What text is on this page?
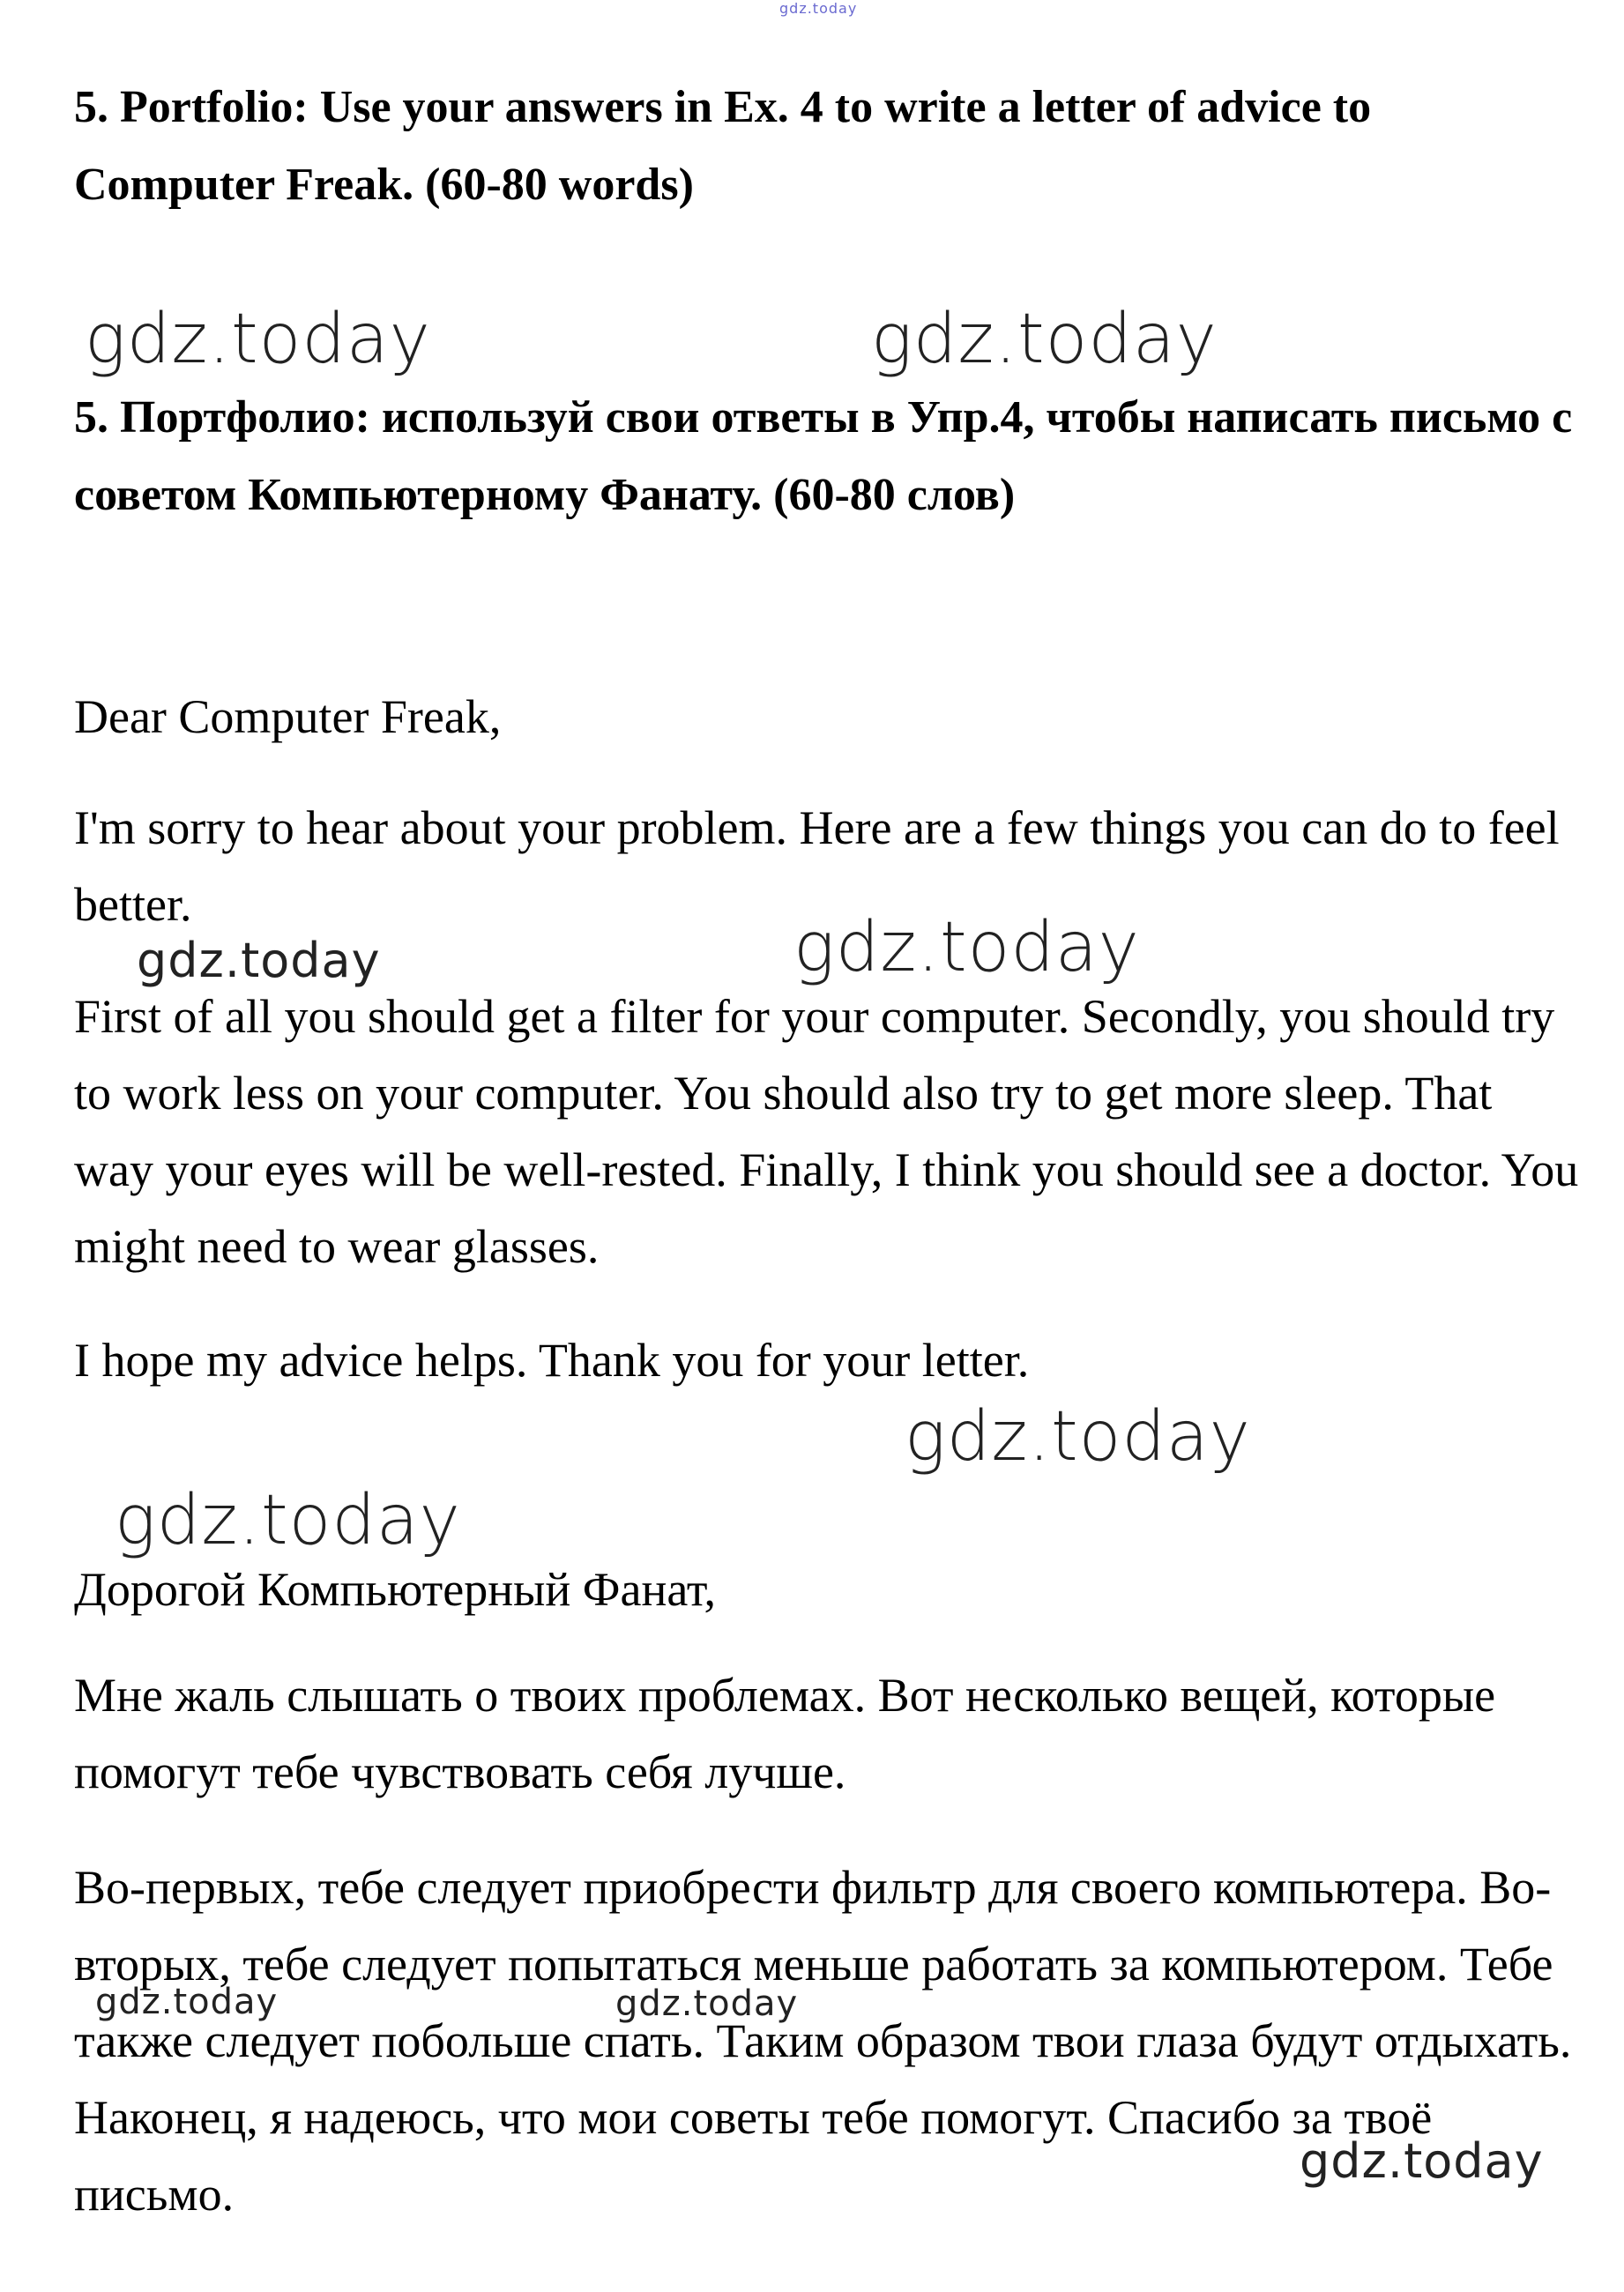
gdz.today
5. Portfolio: Use your answers in Ex. 4 to write a letter of advice to Computer Freak. (60-80 words)
gdz.today	gdz.today
5. Портфолио: используй свои ответы в Упр.4, чтобы написать письмо с советом Компьютерному Фанату. (60-80 слов)
Dear Computer Freak,
I'm sorry to hear about your problem. Here are a few things you can do to feel better.
gdz.today	gdz.today
First of all you should get a filter for your computer. Secondly, you should try to work less on your computer. You should also try to get more sleep. That way your eyes will be well-rested. Finally, I think you should see a doctor. You might need to wear glasses.
I hope my advice helps. Thank you for your letter.
gdz.today
gdz.today
Дорогой Компьютерный Фанат,
Мне жаль слышать о твоих проблемах. Вот несколько вещей, которые помогут тебе чувствовать себя лучше.
Во-первых, тебе следует приобрести фильтр для своего компьютера. Во-вторых, тебе следует попытаться меньше работать за компьютером. Тебе также следует побольше спать. Таким образом твои глаза будут отдыхать. Наконец, я надеюсь, что мои советы тебе помогут. Спасибо за твоё письмо.
gdz.today	gdz.today
gdz.today
